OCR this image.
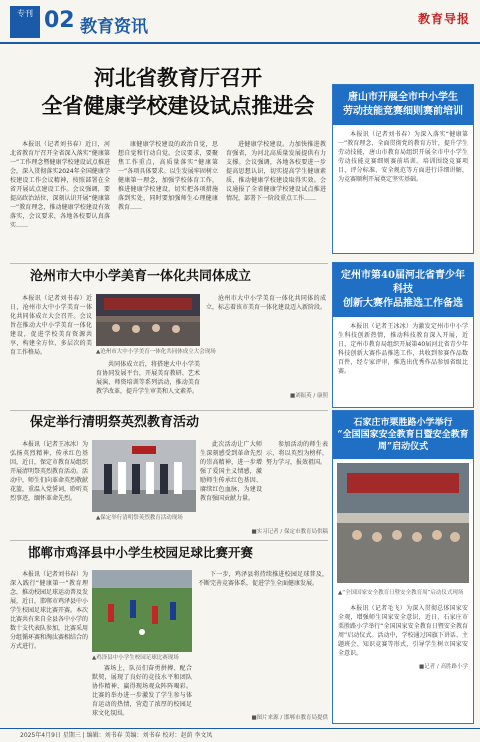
专刊 02 教育资讯	教育导报
河北省教育厅召开
全省健康学校建设试点推进会

本报讯（记者刘书春）近日，河北省教育厅召开全省深入落实“健康第一”工作理念暨健康学校建设试点推进会，深入贯彻落实2024年全国健康学校建设工作会议精神，按照部署在全省开展试点建设工作。会议强调，要提高政治站位，深刻认识开展“健康第一”教育理念，推动健康学校建设有效落实，会议要求，各地各校要认真落实……

康健康学校建设的政治自觉，思想自觉和行动自觉。会议要求，要聚焦工作重点，高质量落实“健康第一”各项具体要求。以生发展牢固树立健康第一理念，加强学校体育工作，推进健康学校建设，切实把各项措施落到实处，同时要加强师生心理健康教育……

进健康学校建设。力加快推进教育强省，为河北高质量发展提供有力支撑。会议强调，各地各校要进一步提高思想认识，切实提高学生健康素质，推动健康学校建设取得实效。会议通报了全省健康学校建设试点推进情况，部署下一阶段重点工作……

唐山市开展全市中小学生
劳动技能竞赛细则赛前培训

本报讯（记者刘书春）为深入落实“健康第一”教育理念，全面贯彻党的教育方针，提升学生劳动技能，唐山市教育局组织开展全市中小学生劳动技能竞赛细则赛前培训。培训围绕竞赛项目、评分标准、安全规范等方面进行详细讲解，为竞赛顺利开展奠定坚实基础。

沧州市大中小学美育一体化共同体成立

本报讯（记者刘书春）近日，沧州市大中小学美育一体化共同体成立大会召开。会议旨在推动大中小学美育一体化建设，促进学校美育资源共享，构建全方位、多层次的美育工作格局。	▲沧州市大中小学美育一体化共同体成立大会现场

共同体成立后，将搭建大中小学美育协同发展平台，开展美育教研、艺术展演、师资培训等系列活动，推动美育教学改革，提升学生审美和人文素养。

沧州市大中小学美育一体化共同体的成立，标志着该市美育一体化建设迈入新阶段。

■刘振英 / 康照
定州市第40届河北省青少年科技
创新大赛作品推选工作备选

本报讯（记者王冰冰）为激发定州市中小学生科技创新热情，推动科技教育深入开展，近日，定州市教育局组织开展第40届河北省青少年科技创新大赛作品推选工作，共收到参赛作品数百件，经专家评审，推选出优秀作品参加省级比赛。

保定举行清明祭英烈教育活动

本报讯（记者王冰冰）为弘扬英烈精神，传承红色基因，近日，保定市教育局组织开展清明祭英烈教育活动。活动中，师生们向革命英烈敬献花篮，重温入党誓词，聆听英烈事迹，缅怀革命先烈。

▲保定举行清明祭英烈教育活动现场

此次活动让广大师生深刻感受到革命先烈的崇高精神，进一步增强了爱国主义情感，激励师生传承红色基因、赓续红色血脉，为建设教育强国贡献力量。

参加活动的师生表示，将以英烈为榜样，努力学习，报效祖国。

■实习记者 / 保定市教育局供稿
石家庄市栗胜路小学举行
“全国国家安全教育日暨安全教育周”启动仪式
▲“全国国家安全教育日暨安全教育周”启动仪式现场

本报讯（记者毛飞）为深入贯彻总体国家安全观，增强师生国家安全意识，近日，石家庄市栗胜路小学举行“全国国家安全教育日暨安全教育周”启动仪式。活动中，学校通过国旗下讲话、主题班会、知识竞赛等形式，引导学生树立国家安全意识。

■记者 / 高胜路小学
邯郸市鸡泽县中小学生校园足球比赛开赛

本报讯（记者刘书春）为深入践行“健康第一”教育理念，推动校园足球运动普及发展，近日，邯郸市鸡泽县中小学生校园足球比赛开赛。本次比赛共有来自全县各中小学的数十支代表队参加，比赛采用分组循环赛和淘汰赛相结合的方式进行。

▲鸡泽县中小学生校园足球比赛现场

赛场上，队员们奋勇拼搏、配合默契，展现了良好的竞技水平和团队协作精神，赢得现场观众阵阵喝彩。比赛的举办进一步激发了学生参与体育运动的热情，营造了浓厚的校园足球文化氛围。

下一步，鸡泽县将持续推进校园足球普及，不断完善竞赛体系，促进学生全面健康发展。

■图片来源 / 邯郸市教育局提供
2025年4月9日 星期三 | 编辑：刘书春 美编：刘书春 校对：赵荫 李文凤
